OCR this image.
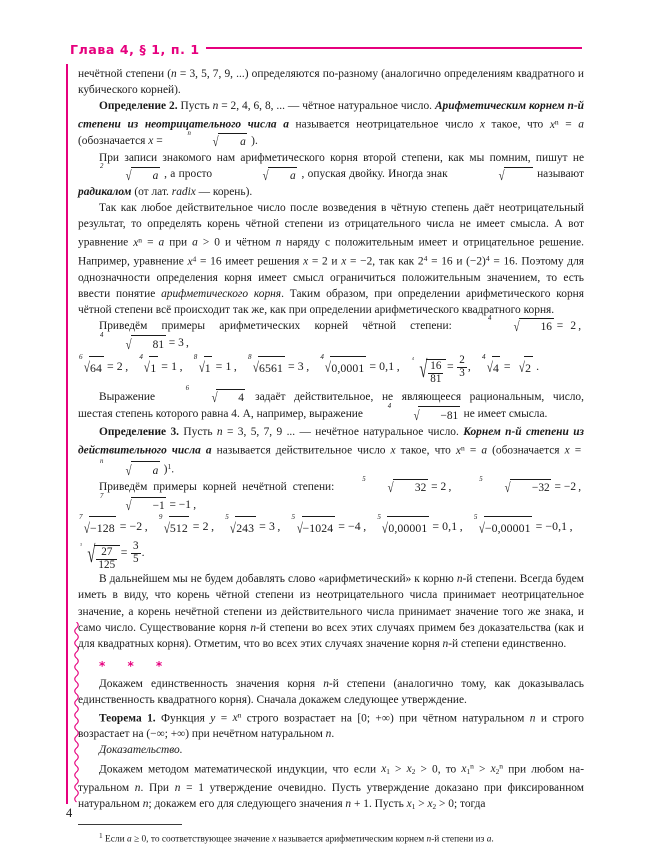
Глава 4, § 1, п. 1

нечётной степени (n = 3, 5, 7, 9, ...) определяются по-разному (аналогично определениям квадратного и кубического корней).

Определение 2. Пусть n = 2, 4, 6, 8, ... — чётное натуральное число. Арифметическим корнем n-й степени из неотрицательного числа a называется неотрицательное число x такое, что $x^n = a$ (обозначается x =
n
√ a ).

При записи знакомого нам арифметического корня второй степени, как мы помним, пишут не
2
√ a , а просто	√ a , опуская двойку. Иногда знак	√	называют радикалом (от лат. radix — корень).

Так как любое действительное число после возведения в чётную степень даёт неотрицательный результат, то определять корень чётной степени из отрицательного числа не имеет смысла. А вот уравнение $x^n = a$ при a > 0 и чётном n наряду с положительным имеет и отрицательное решение. Например, уравнение $x^4 = 16$ имеет решения x = 2 и x = −2, так как $2^4 = 16$ и $(-2)^4 = 16$. Поэтому для однозначности определения корня имеет смысл ограничиться положительным значением, то есть ввести понятие арифметического корня. Таким образом, при определении арифметического корня чётной степени всё происходит так же, как при определении арифметического квадратного корня.

Приведём  примеры  арифметических  корней  чётной  степени:
4
√ 16 = 2 ,
4
√ 81 = 3 ,

6
√64 = 2 ,
4
√1 = 1 ,
8
√1 = 1 ,
8
√6561 = 3 ,
4
√0,0001 = 0,1 ,
4 √ $\frac{16}{81} = \frac{2}{3}$ ,
4
√4 = √2 .

Выражение
6
√ 4  задаёт  действительное,  не  являющееся  рациональным,  число, шестая степень которого равна 4. А, например, выражение
4
√ −81 не имеет смысла.

Определение 3. Пусть n = 3, 5, 7, 9 ... — нечётное натуральное число. Корнем n-й степени из действительного числа a называется действительное число x такое, что $x^n = a$ (обозначается x =
n
√ a )$^1$.

Приведём  примеры  корней  нечётной  степени:
5
√ 32 = 2 ,
5
√ −32 = −2 ,
7
√ −1 = −1 ,

7
√−128 = −2 ,
9
√512 = 2 ,
5
√243 = 3 ,
5
√−1024 = −4 ,
5
√0,00001 = 0,1 ,
5
√−0,00001 = −0,1 ,

3 √ $\frac{27}{125} = \frac{3}{5}$ .

В дальнейшем мы не будем добавлять слово «арифметический» к корню n-й степени. Всегда будем иметь в виду, что корень чётной степени из неотрицательного числа принимает неотрицательное значение, а корень нечётной степени из действительного числа принимает значение того же знака, и само число. Существование корня n-й степени во всех этих случаях примем без доказательства (как и для квадратных корня). Отметим, что во всех этих случаях значение корня n-й степени единственно.

* * *

Докажем единственность значения корня n-й степени (аналогично тому, как доказывалась единственность квадратного корня). Сначала докажем следующее утверждение.

Теорема 1. Функция $y = x^n$ строго возрастает на [0; +∞) при чётном натуральном n и строго возрастает на (−∞; +∞) при нечётном натуральном n.

Доказательство.

Докажем методом математической индукции, что если $x_1 > x_2 > 0$, то $x_1^n > x_2^n$ при любом натуральном n. При n = 1 утверждение очевидно. Пусть утверждение доказано при фиксированном натуральном n; докажем его для следующего значения n + 1. Пусть $x_1 > x_2 > 0$; тогда

$^1$ Если a ≥ 0, то соответствующее значение x называется арифметическим корнем n-й степени из a.

4
